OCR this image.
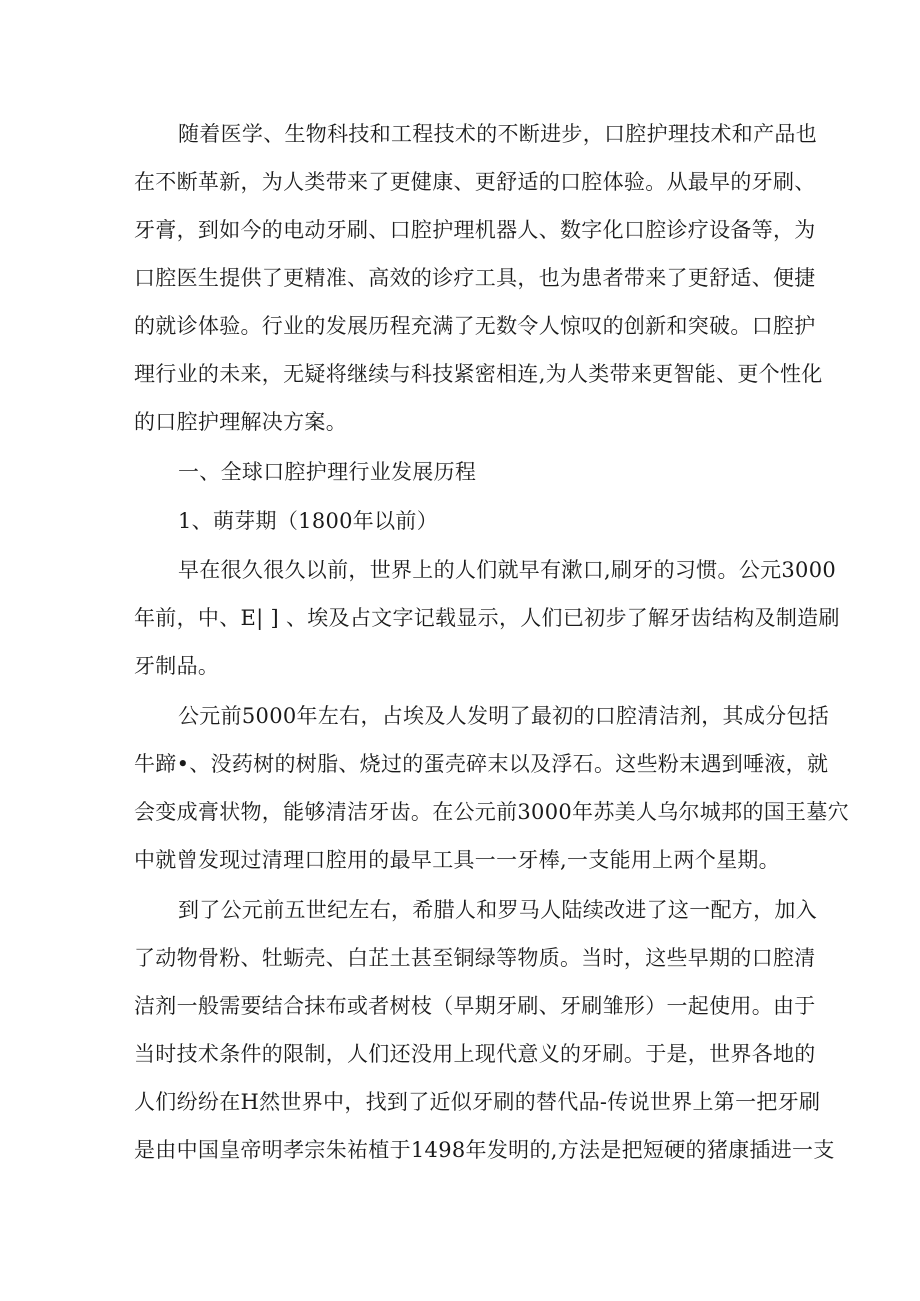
随着医学、生物科技和工程技术的不断进步，口腔护理技术和产品也
在不断革新，为人类带来了更健康、更舒适的口腔体验。从最早的牙刷、
牙膏，到如今的电动牙刷、口腔护理机器人、数字化口腔诊疗设备等，为
口腔医生提供了更精准、高效的诊疗工具，也为患者带来了更舒适、便捷
的就诊体验。行业的发展历程充满了无数令人惊叹的创新和突破。口腔护
理行业的未来，无疑将继续与科技紧密相连,为人类带来更智能、更个性化
的口腔护理解决方案。
一、全球口腔护理行业发展历程
1、萌芽期（1800年以前）
早在很久很久以前，世界上的人们就早有漱口,刷牙的习惯。公元3000
年前，中、E| ] 、埃及占文字记载显示，人们已初步了解牙齿结构及制造刷
牙制品。
公元前5000年左右，占埃及人发明了最初的口腔清洁剂，其成分包括
牛蹄•、没药树的树脂、烧过的蛋壳碎末以及浮石。这些粉末遇到唾液，就
会变成膏状物，能够清洁牙齿。在公元前3000年苏美人乌尔城邦的国王墓穴
中就曾发现过清理口腔用的最早工具一一牙棒,一支能用上两个星期。
到了公元前五世纪左右，希腊人和罗马人陆续改进了这一配方，加入
了动物骨粉、牡蛎壳、白芷土甚至铜绿等物质。当时，这些早期的口腔清
洁剂一般需要结合抹布或者树枝（早期牙刷、牙刷雏形）一起使用。由于
当时技术条件的限制，人们还没用上现代意义的牙刷。于是，世界各地的
人们纷纷在H然世界中，找到了近似牙刷的替代品-传说世界上第一把牙刷
是由中国皇帝明孝宗朱祐植于1498年发明的,方法是把短硬的猪康插进一支
